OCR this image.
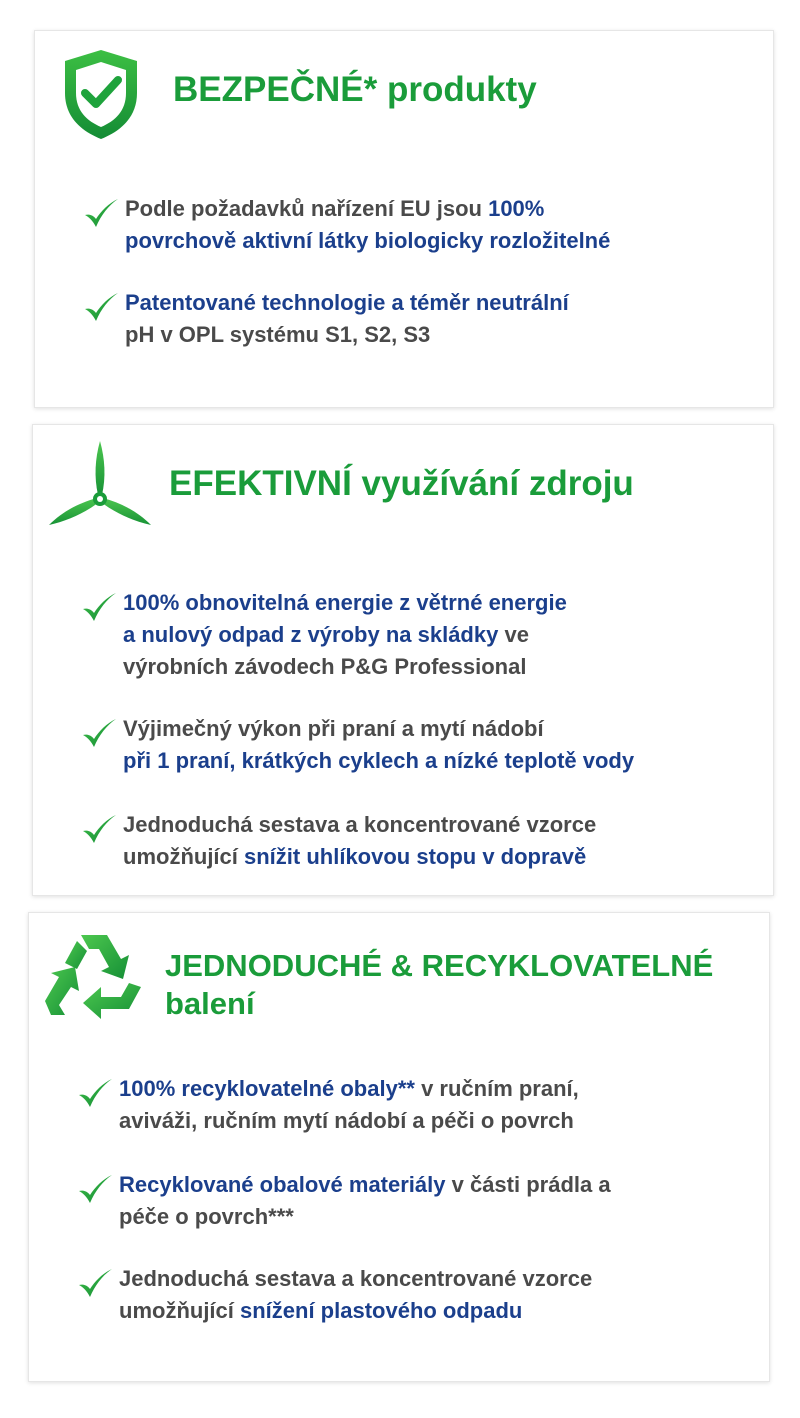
BEZPEČNÉ* produkty

Podle požadavků nařízení EU jsou 100%

povrchově aktivní látky biologicky rozložitelné

Patentované technologie a téměr neutrální

pH v OPL systému S1, S2, S3

EFEKTIVNÍ využívání zdroju

100% obnovitelná energie z větrné energie

a nulový odpad z výroby na skládky ve

výrobních závodech P&G Professional

Výjimečný výkon při praní a mytí nádobí

při 1 praní, krátkých cyklech a nízké teplotě vody

Jednoduchá sestava a koncentrované vzorce

umožňující snížit uhlíkovou stopu v dopravě

JEDNODUCHÉ & RECYKLOVATELNÉ
balení

100% recyklovatelné obaly** v ručním praní,

aviváži, ručním mytí nádobí a péči o povrch

Recyklované obalové materiály v části prádla a

péče o povrch***

Jednoduchá sestava a koncentrované vzorce

umožňující snížení plastového odpadu
